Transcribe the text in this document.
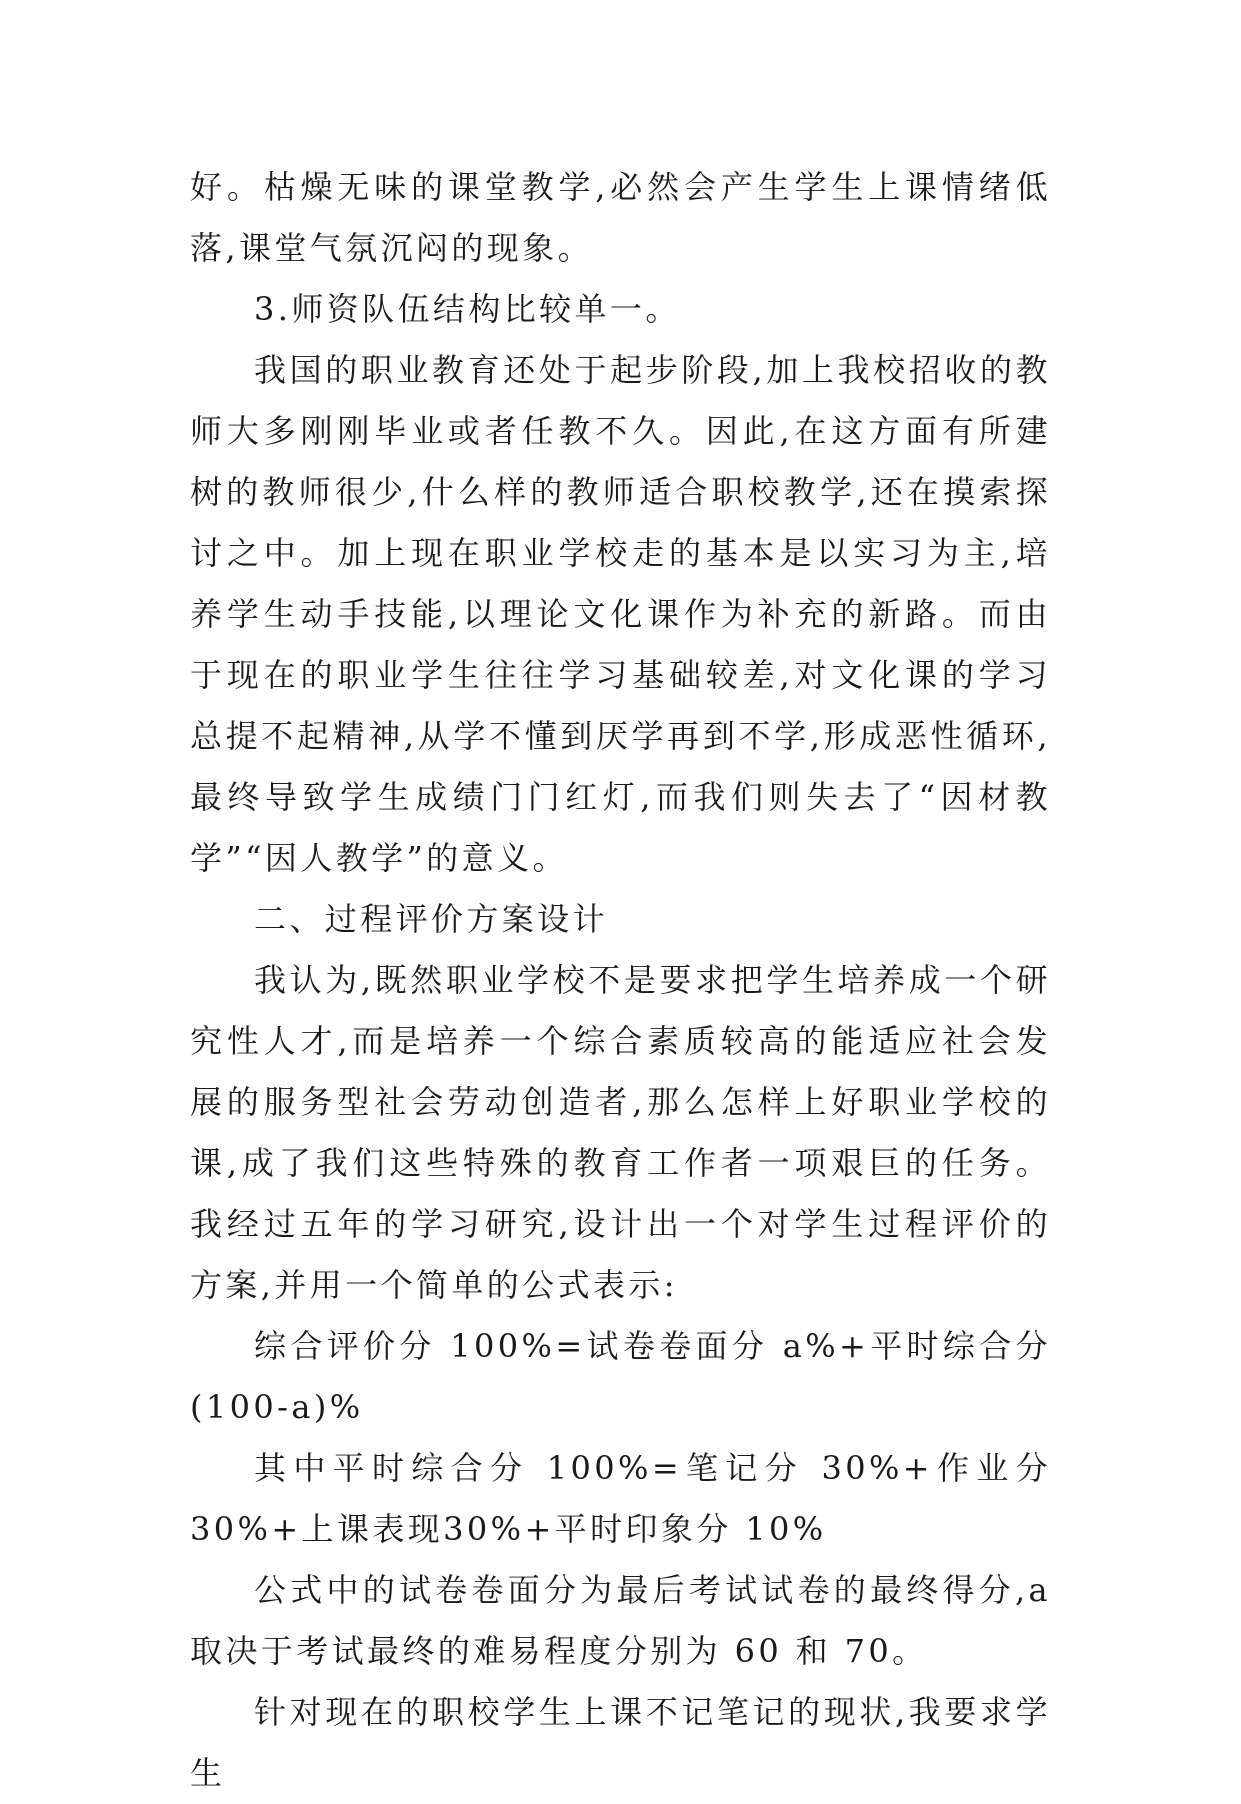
好。枯燥无味的课堂教学,必然会产生学生上课情绪低落,课堂气氛沉闷的现象。

3.师资队伍结构比较单一。

我国的职业教育还处于起步阶段,加上我校招收的教师大多刚刚毕业或者任教不久。因此,在这方面有所建树的教师很少,什么样的教师适合职校教学,还在摸索探讨之中。加上现在职业学校走的基本是以实习为主,培养学生动手技能,以理论文化课作为补充的新路。而由于现在的职业学生往往学习基础较差,对文化课的学习总提不起精神,从学不懂到厌学再到不学,形成恶性循环,最终导致学生成绩门门红灯,而我们则失去了“因材教学”“因人教学”的意义。

二、过程评价方案设计

我认为,既然职业学校不是要求把学生培养成一个研究性人才,而是培养一个综合素质较高的能适应社会发展的服务型社会劳动创造者,那么怎样上好职业学校的课,成了我们这些特殊的教育工作者一项艰巨的任务。我经过五年的学习研究,设计出一个对学生过程评价的方案,并用一个简单的公式表示:

综合评价分 100%=试卷卷面分 a%+平时综合分(100-a)%

其中平时综合分 100%=笔记分 30%+作业分 30%+上课表现30%+平时印象分 10%

公式中的试卷卷面分为最后考试试卷的最终得分,a 取决于考试最终的难易程度分别为 60 和 70。

针对现在的职校学生上课不记笔记的现状,我要求学生
